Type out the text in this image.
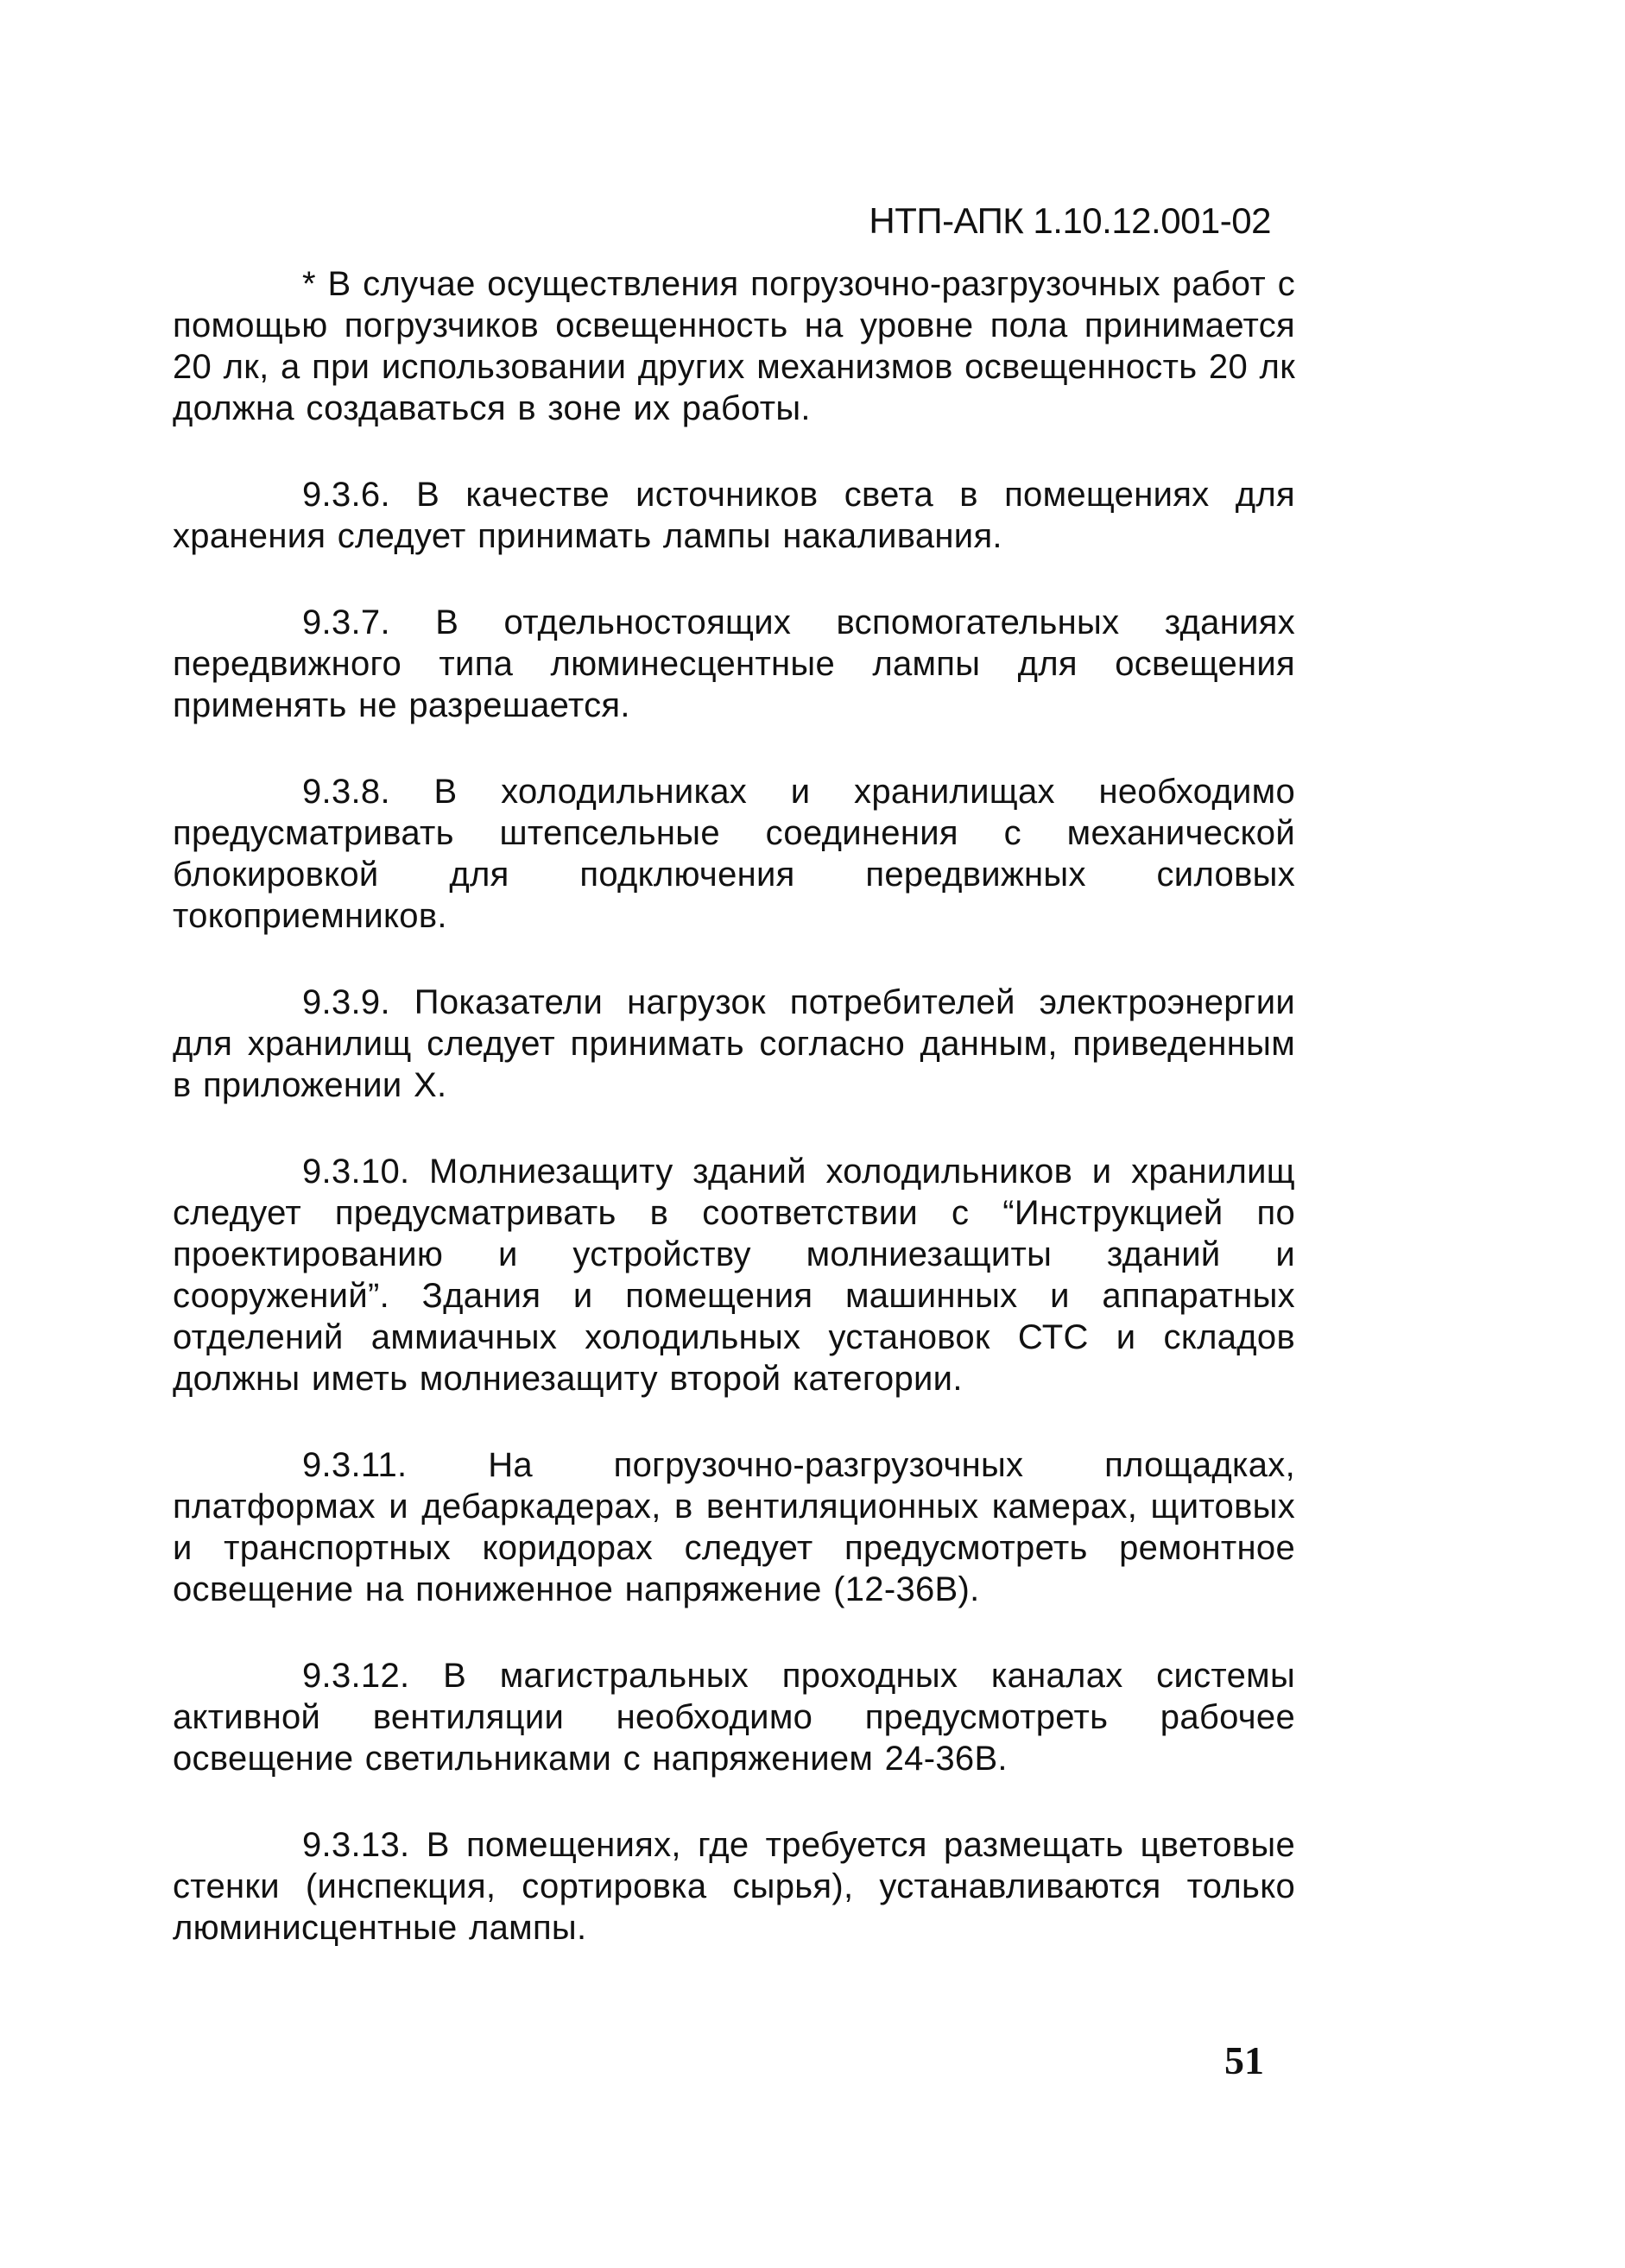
НТП-АПК 1.10.12.001-02

* В случае осуществления погрузочно-разгрузочных работ с помощью погрузчиков освещенность на уровне пола принимается 20 лк, а при использовании других механизмов освещенность 20 лк должна создаваться в зоне их работы.

9.3.6. В качестве источников света в помещениях для хранения следует принимать лампы накаливания.

9.3.7. В отдельностоящих вспомогательных зданиях передвижного типа люминесцентные лампы для освещения применять не разрешается.

9.3.8. В холодильниках и хранилищах необходимо предусматривать штепсельные соединения с механической блокировкой для подключения передвижных силовых токоприемников.

9.3.9. Показатели нагрузок потребителей электроэнергии для хранилищ следует принимать согласно данным, приведенным в приложении X.

9.3.10. Молниезащиту зданий холодильников и хранилищ следует предусматривать в соответствии с “Инструкцией по проектированию и устройству молниезащиты зданий и сооружений”. Здания и помещения машинных и аппаратных отделений аммиачных холодильных установок СТС и складов должны иметь молниезащиту второй категории.

9.3.11. На погрузочно-разгрузочных площадках, платформах и дебаркадерах, в вентиляционных камерах, щитовых и транспортных коридорах следует предусмотреть ремонтное освещение на пониженное напряжение (12-36В).

9.3.12. В магистральных проходных каналах системы активной вентиляции необходимо предусмотреть рабочее освещение светильниками с напряжением 24-36В.

9.3.13. В помещениях, где требуется размещать цветовые стенки (инспекция, сортировка сырья), устанавливаются только люминисцентные лампы.

51
